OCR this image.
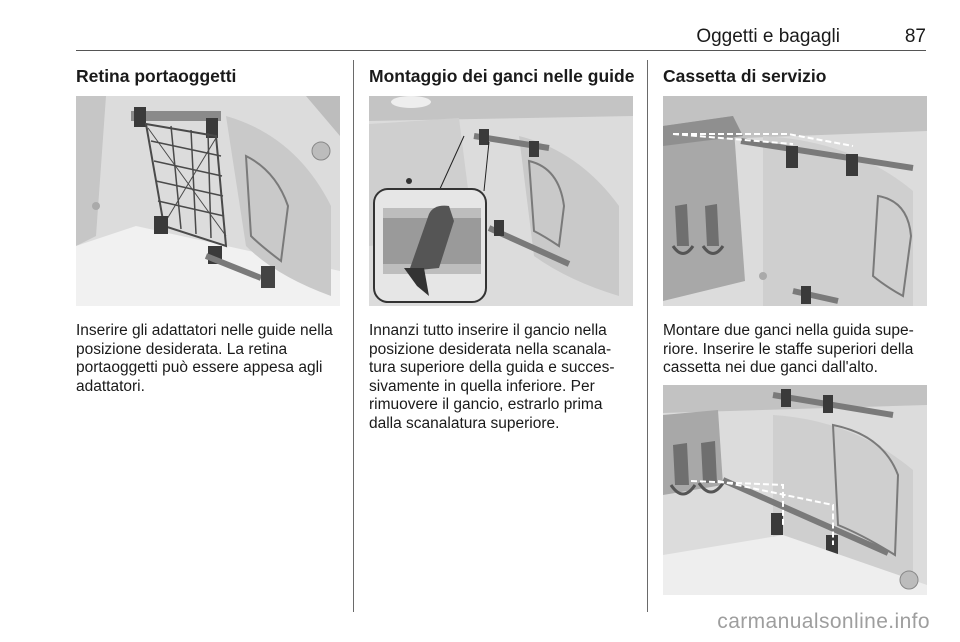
Oggetti e bagagli	87
Retina portaoggetti
Inserire gli adattatori nelle guide nella
posizione desiderata. La retina
portaoggetti può essere appesa agli
adattatori.
Montaggio dei ganci nelle guide
Innanzi tutto inserire il gancio nella
posizione desiderata nella scanala-
tura superiore della guida e succes-
sivamente in quella inferiore. Per
rimuovere il gancio, estrarlo prima
dalla scanalatura superiore.
Cassetta di servizio
Montare due ganci nella guida supe-
riore. Inserire le staffe superiori della
cassetta nei due ganci dall'alto.
carmanualsonline.info
